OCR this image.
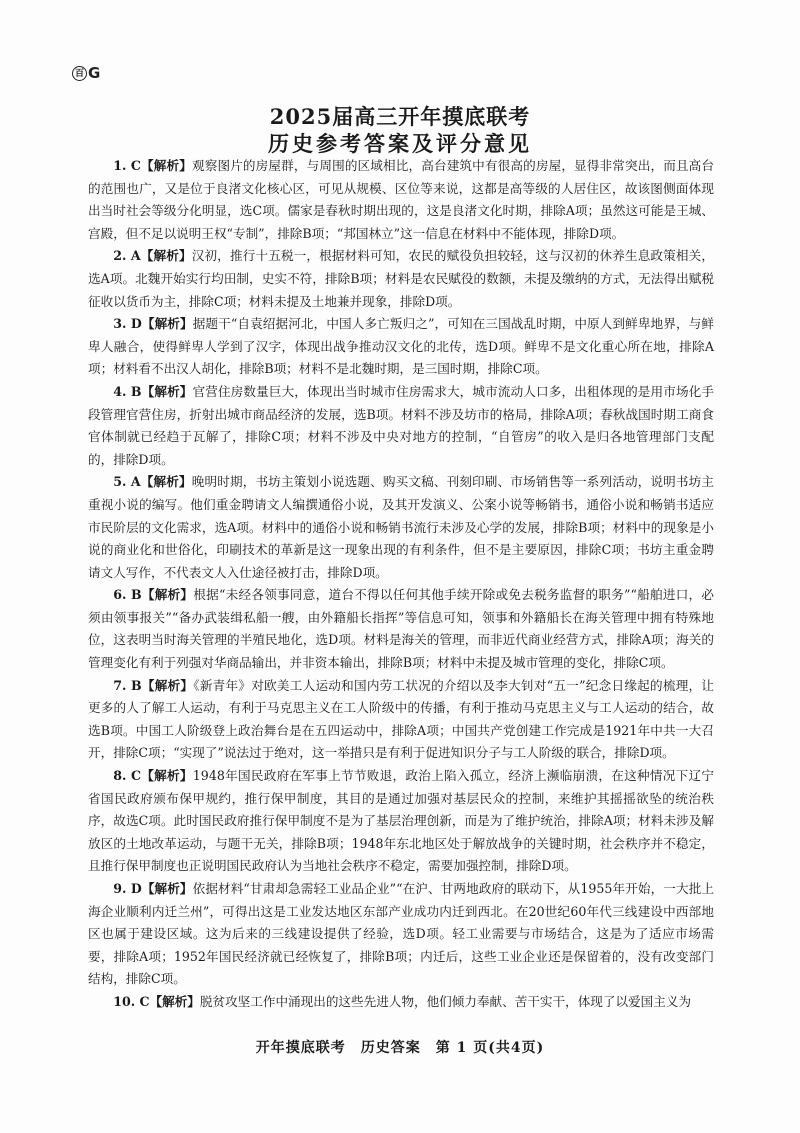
百 G
2025届高三开年摸底联考
历史参考答案及评分意见

1. C【解析】观察图片的房屋群，与周围的区域相比，高台建筑中有很高的房屋，显得非常突出，而且高台的范围也广，又是位于良渚文化核心区，可见从规模、区位等来说，这都是高等级的人居住区，故该图侧面体现出当时社会等级分化明显，选C项。儒家是春秋时期出现的，这是良渚文化时期，排除A项；虽然这可能是王城、宫殿，但不足以说明王权“专制”，排除B项；“邦国林立”这一信息在材料中不能体现，排除D项。

2. A【解析】汉初，推行十五税一，根据材料可知，农民的赋役负担较轻，这与汉初的休养生息政策相关，选A项。北魏开始实行均田制，史实不符，排除B项；材料是农民赋役的数额，未提及缴纳的方式，无法得出赋税征收以货币为主，排除C项；材料未提及土地兼并现象，排除D项。

3. D【解析】据题干“自袁绍据河北，中国人多亡叛归之”，可知在三国战乱时期，中原人到鲜卑地界，与鲜卑人融合，使得鲜卑人学到了汉字，体现出战争推动汉文化的北传，选D项。鲜卑不是文化重心所在地，排除A项；材料看不出汉人胡化，排除B项；材料不是北魏时期，是三国时期，排除C项。

4. B【解析】官营住房数量巨大，体现出当时城市住房需求大，城市流动人口多，出租体现的是用市场化手段管理官营住房，折射出城市商品经济的发展，选B项。材料不涉及坊市的格局，排除A项；春秋战国时期工商食官体制就已经趋于瓦解了，排除C项；材料不涉及中央对地方的控制，“自管房”的收入是归各地管理部门支配的，排除D项。

5. A【解析】晚明时期，书坊主策划小说选题、购买文稿、刊刻印刷、市场销售等一系列活动，说明书坊主重视小说的编写。他们重金聘请文人编撰通俗小说，及其开发演义、公案小说等畅销书，通俗小说和畅销书适应市民阶层的文化需求，选A项。材料中的通俗小说和畅销书流行未涉及心学的发展，排除B项；材料中的现象是小说的商业化和世俗化，印刷技术的革新是这一现象出现的有利条件，但不是主要原因，排除C项；书坊主重金聘请文人写作，不代表文人入仕途径被打击，排除D项。

6. B【解析】根据“未经各领事同意，道台不得以任何其他手续开除或免去税务监督的职务”“船舶进口，必须由领事报关”“备办武装缉私船一艘，由外籍船长指挥”等信息可知，领事和外籍船长在海关管理中拥有特殊地位，这表明当时海关管理的半殖民地化，选D项。材料是海关的管理，而非近代商业经营方式，排除A项；海关的管理变化有利于列强对华商品输出，并非资本输出，排除B项；材料中未提及城市管理的变化，排除C项。

7. B【解析】《新青年》对欧美工人运动和国内劳工状况的介绍以及李大钊对“五一”纪念日缘起的梳理，让更多的人了解工人运动，有利于马克思主义在工人阶级中的传播，有利于推动马克思主义与工人运动的结合，故选B项。中国工人阶级登上政治舞台是在五四运动中，排除A项；中国共产党创建工作完成是1921年中共一大召开，排除C项；“实现了”说法过于绝对，这一举措只是有利于促进知识分子与工人阶级的联合，排除D项。

8. C【解析】1948年国民政府在军事上节节败退，政治上陷入孤立，经济上濒临崩溃，在这种情况下辽宁省国民政府颁布保甲规约，推行保甲制度，其目的是通过加强对基层民众的控制，来维护其摇摇欲坠的统治秩序，故选C项。此时国民政府推行保甲制度不是为了基层治理创新，而是为了维护统治，排除A项；材料未涉及解放区的土地改革运动，与题干无关，排除B项；1948年东北地区处于解放战争的关键时期，社会秩序并不稳定，且推行保甲制度也正说明国民政府认为当地社会秩序不稳定，需要加强控制，排除D项。

9. D【解析】依据材料“甘肃却急需轻工业品企业”“在沪、甘两地政府的联动下，从1955年开始，一大批上海企业顺利内迁兰州”，可得出这是工业发达地区东部产业成功内迁到西北。在20世纪60年代三线建设中西部地区也属于建设区域。这为后来的三线建设提供了经验，选D项。轻工业需要与市场结合，这是为了适应市场需要，排除A项；1952年国民经济就已经恢复了，排除B项；内迁后，这些工业企业还是保留着的，没有改变部门结构，排除C项。

10. C【解析】脱贫攻坚工作中涌现出的这些先进人物，他们倾力奉献、苦干实干，体现了以爱国主义为

开年摸底联考　历史答案　第 1 页(共4页)
